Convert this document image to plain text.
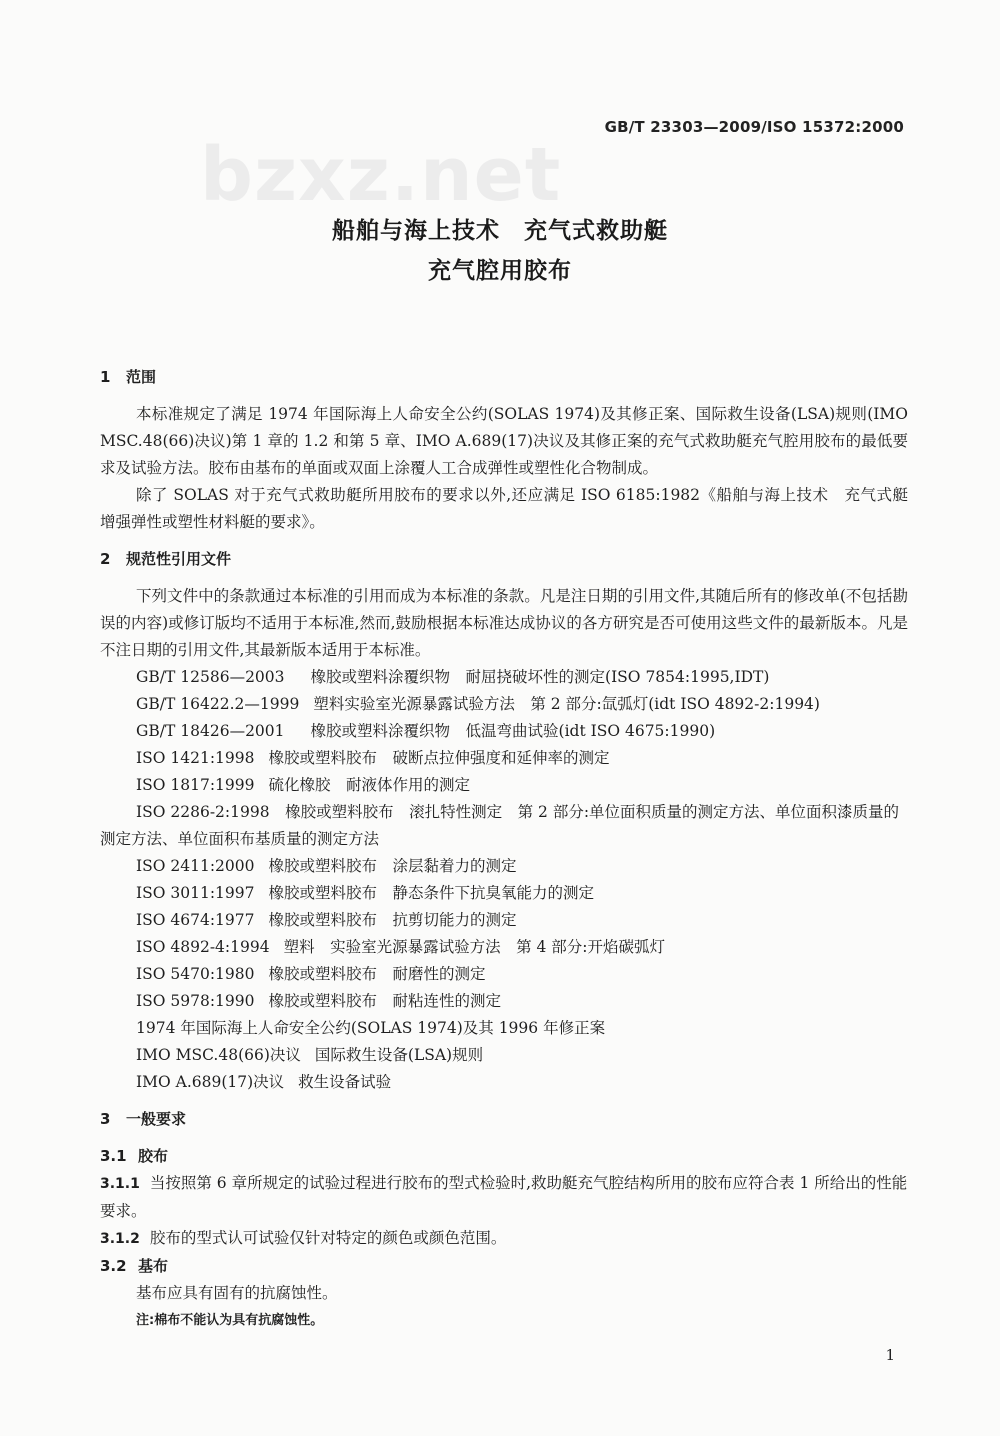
bzxz.net
GB/T 23303—2009/ISO 15372:2000
船舶与海上技术　充气式救助艇
充气腔用胶布

1 范围

本标准规定了满足 1974 年国际海上人命安全公约(SOLAS 1974)及其修正案、国际救生设备(LSA)规则(IMO MSC.48(66)决议)第 1 章的 1.2 和第 5 章、IMO A.689(17)决议及其修正案的充气式救助艇充气腔用胶布的最低要求及试验方法。胶布由基布的单面或双面上涂覆人工合成弹性或塑性化合物制成。

除了 SOLAS 对于充气式救助艇所用胶布的要求以外,还应满足 ISO 6185:1982《船舶与海上技术　充气式艇　增强弹性或塑性材料艇的要求》。

2 规范性引用文件

下列文件中的条款通过本标准的引用而成为本标准的条款。凡是注日期的引用文件,其随后所有的修改单(不包括勘误的内容)或修订版均不适用于本标准,然而,鼓励根据本标准达成协议的各方研究是否可使用这些文件的最新版本。凡是不注日期的引用文件,其最新版本适用于本标准。

GB/T 12586—2003 橡胶或塑料涂覆织物　耐屈挠破坏性的测定(ISO 7854:1995,IDT)

GB/T 16422.2—1999 塑料实验室光源暴露试验方法　第 2 部分:氙弧灯(idt ISO 4892-2:1994)

GB/T 18426—2001 橡胶或塑料涂覆织物　低温弯曲试验(idt ISO 4675:1990)

ISO 1421:1998 橡胶或塑料胶布　破断点拉伸强度和延伸率的测定

ISO 1817:1999 硫化橡胶　耐液体作用的测定

ISO 2286-2:1998　 橡胶或塑料胶布　滚扎特性测定　第 2 部分:单位面积质量的测定方法、单位面积漆质量的测定方法、单位面积布基质量的测定方法

ISO 2411:2000 橡胶或塑料胶布　涂层黏着力的测定

ISO 3011:1997 橡胶或塑料胶布　静态条件下抗臭氧能力的测定

ISO 4674:1977 橡胶或塑料胶布　抗剪切能力的测定

ISO 4892-4:1994 塑料　实验室光源暴露试验方法　第 4 部分:开焰碳弧灯

ISO 5470:1980 橡胶或塑料胶布　耐磨性的测定

ISO 5978:1990 橡胶或塑料胶布　耐粘连性的测定

1974 年国际海上人命安全公约(SOLAS 1974)及其 1996 年修正案

IMO MSC.48(66)决议 国际救生设备(LSA)规则

IMO A.689(17)决议 救生设备试验

3 一般要求

3.1 胶布

3.1.1 当按照第 6 章所规定的试验过程进行胶布的型式检验时,救助艇充气腔结构所用的胶布应符合表 1 所给出的性能要求。

3.1.2 胶布的型式认可试验仅针对特定的颜色或颜色范围。

3.2 基布

基布应具有固有的抗腐蚀性。

注:棉布不能认为具有抗腐蚀性。

1
